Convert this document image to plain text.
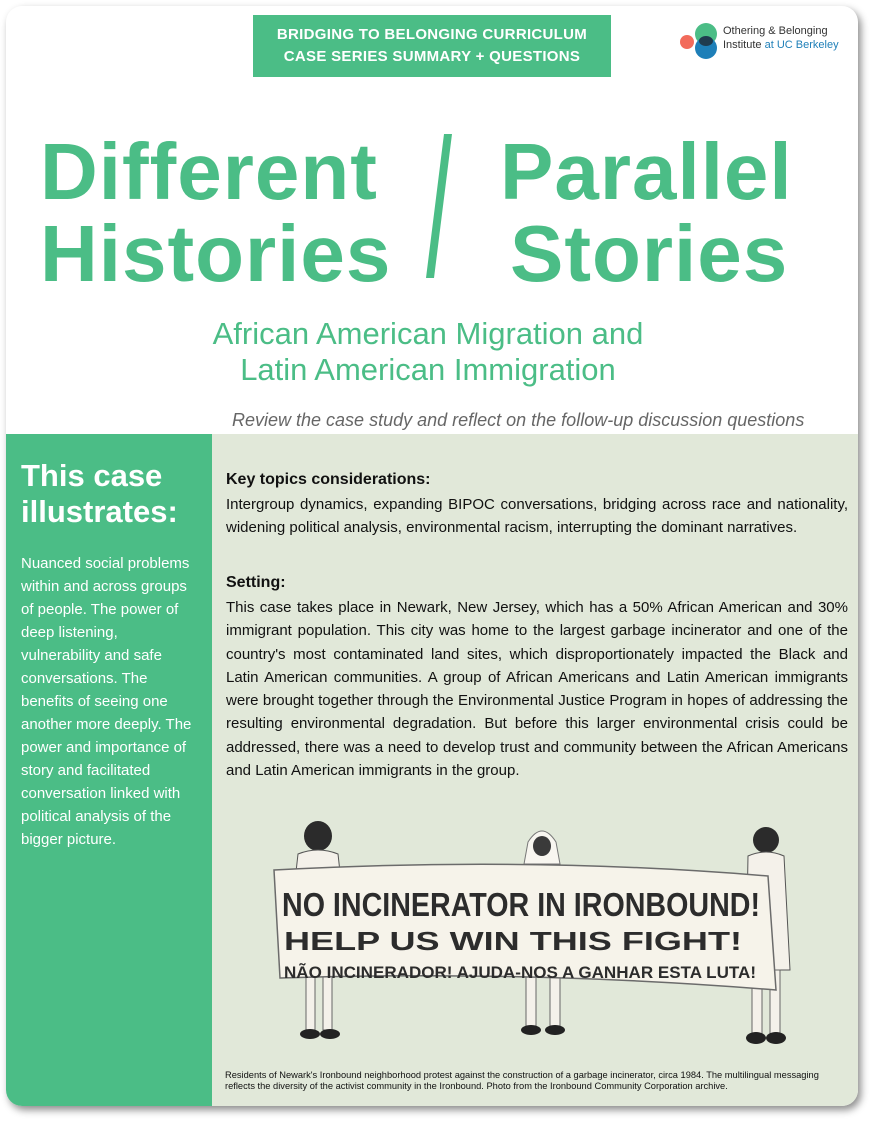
BRIDGING TO BELONGING CURRICULUM
CASE SERIES SUMMARY + QUESTIONS
Othering & Belonging
Institute at UC Berkeley
Different
Histories
Parallel
Stories
African American Migration and
Latin American Immigration
Review the case study and reflect on the follow-up discussion questions
This case
illustrates:

Nuanced social problems within and across groups of people. The power of deep listening, vulnerability and safe conversations. The benefits of seeing one another more deeply. The power and importance of story and facilitated conversation linked with political analysis of the bigger picture.

Key topics considerations:

Intergroup dynamics, expanding BIPOC conversations, bridging across race and nationality, widening political analysis, environmental racism, interrupting the dominant narratives.

Setting:

This case takes place in Newark, New Jersey, which has a 50% African American and 30% immigrant population. This city was home to the largest garbage incinerator and one of the country's most contaminated land sites, which disproportionately impacted the Black and Latin American communities. A group of African Americans and Latin American immigrants were brought together through the Environmental Justice Program in hopes of addressing the resulting environmental degradation. But before this larger environmental crisis could be addressed, there was a need to develop trust and community between the African Americans and Latin American immigrants in the group.

NO INCINERATOR IN IRONBOUND!
HELP US WIN THIS FIGHT!
NÃO INCINERADOR! AJUDA-NOS A GANHAR ESTA LUTA!

Residents of Newark's Ironbound neighborhood protest against the construction of a garbage incinerator, circa 1984. The multilingual messaging reflects the diversity of the activist community in the Ironbound. Photo from the Ironbound Community Corporation archive.
